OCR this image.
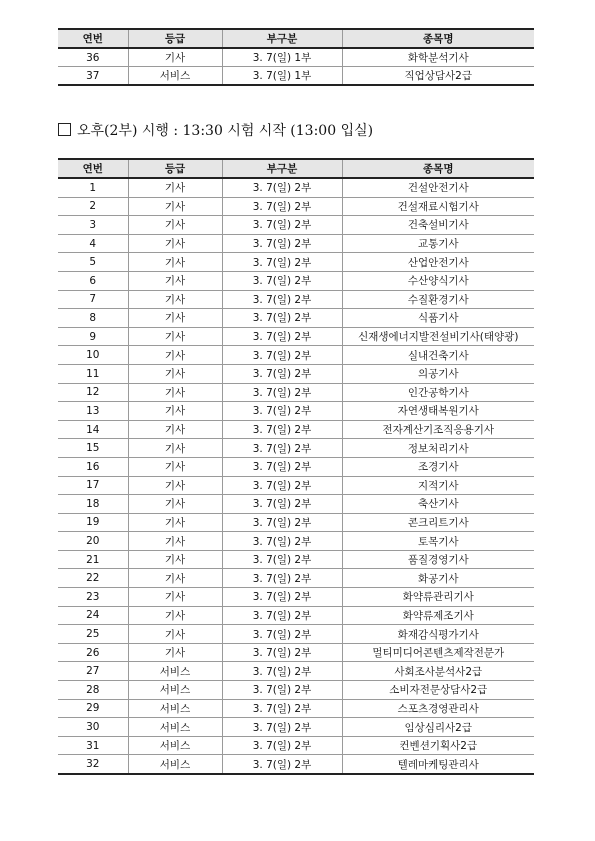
연번	등급	부구분	종목명
36	기사	3. 7(일) 1부	화학분석기사
37	서비스	3. 7(일) 1부	직업상담사2급
오후(2부) 시행 : 13:30 시험 시작 (13:00 입실)
연번	등급	부구분	종목명
1	기사	3. 7(일) 2부	건설안전기사
2	기사	3. 7(일) 2부	건설재료시험기사
3	기사	3. 7(일) 2부	건축설비기사
4	기사	3. 7(일) 2부	교통기사
5	기사	3. 7(일) 2부	산업안전기사
6	기사	3. 7(일) 2부	수산양식기사
7	기사	3. 7(일) 2부	수질환경기사
8	기사	3. 7(일) 2부	식품기사
9	기사	3. 7(일) 2부	신재생에너지발전설비기사(태양광)
10	기사	3. 7(일) 2부	실내건축기사
11	기사	3. 7(일) 2부	의공기사
12	기사	3. 7(일) 2부	인간공학기사
13	기사	3. 7(일) 2부	자연생태복원기사
14	기사	3. 7(일) 2부	전자계산기조직응용기사
15	기사	3. 7(일) 2부	정보처리기사
16	기사	3. 7(일) 2부	조경기사
17	기사	3. 7(일) 2부	지적기사
18	기사	3. 7(일) 2부	축산기사
19	기사	3. 7(일) 2부	콘크리트기사
20	기사	3. 7(일) 2부	토목기사
21	기사	3. 7(일) 2부	품질경영기사
22	기사	3. 7(일) 2부	화공기사
23	기사	3. 7(일) 2부	화약류관리기사
24	기사	3. 7(일) 2부	화약류제조기사
25	기사	3. 7(일) 2부	화재감식평가기사
26	기사	3. 7(일) 2부	멀티미디어콘텐츠제작전문가
27	서비스	3. 7(일) 2부	사회조사분석사2급
28	서비스	3. 7(일) 2부	소비자전문상담사2급
29	서비스	3. 7(일) 2부	스포츠경영관리사
30	서비스	3. 7(일) 2부	임상심리사2급
31	서비스	3. 7(일) 2부	컨벤션기획사2급
32	서비스	3. 7(일) 2부	텔레마케팅관리사
